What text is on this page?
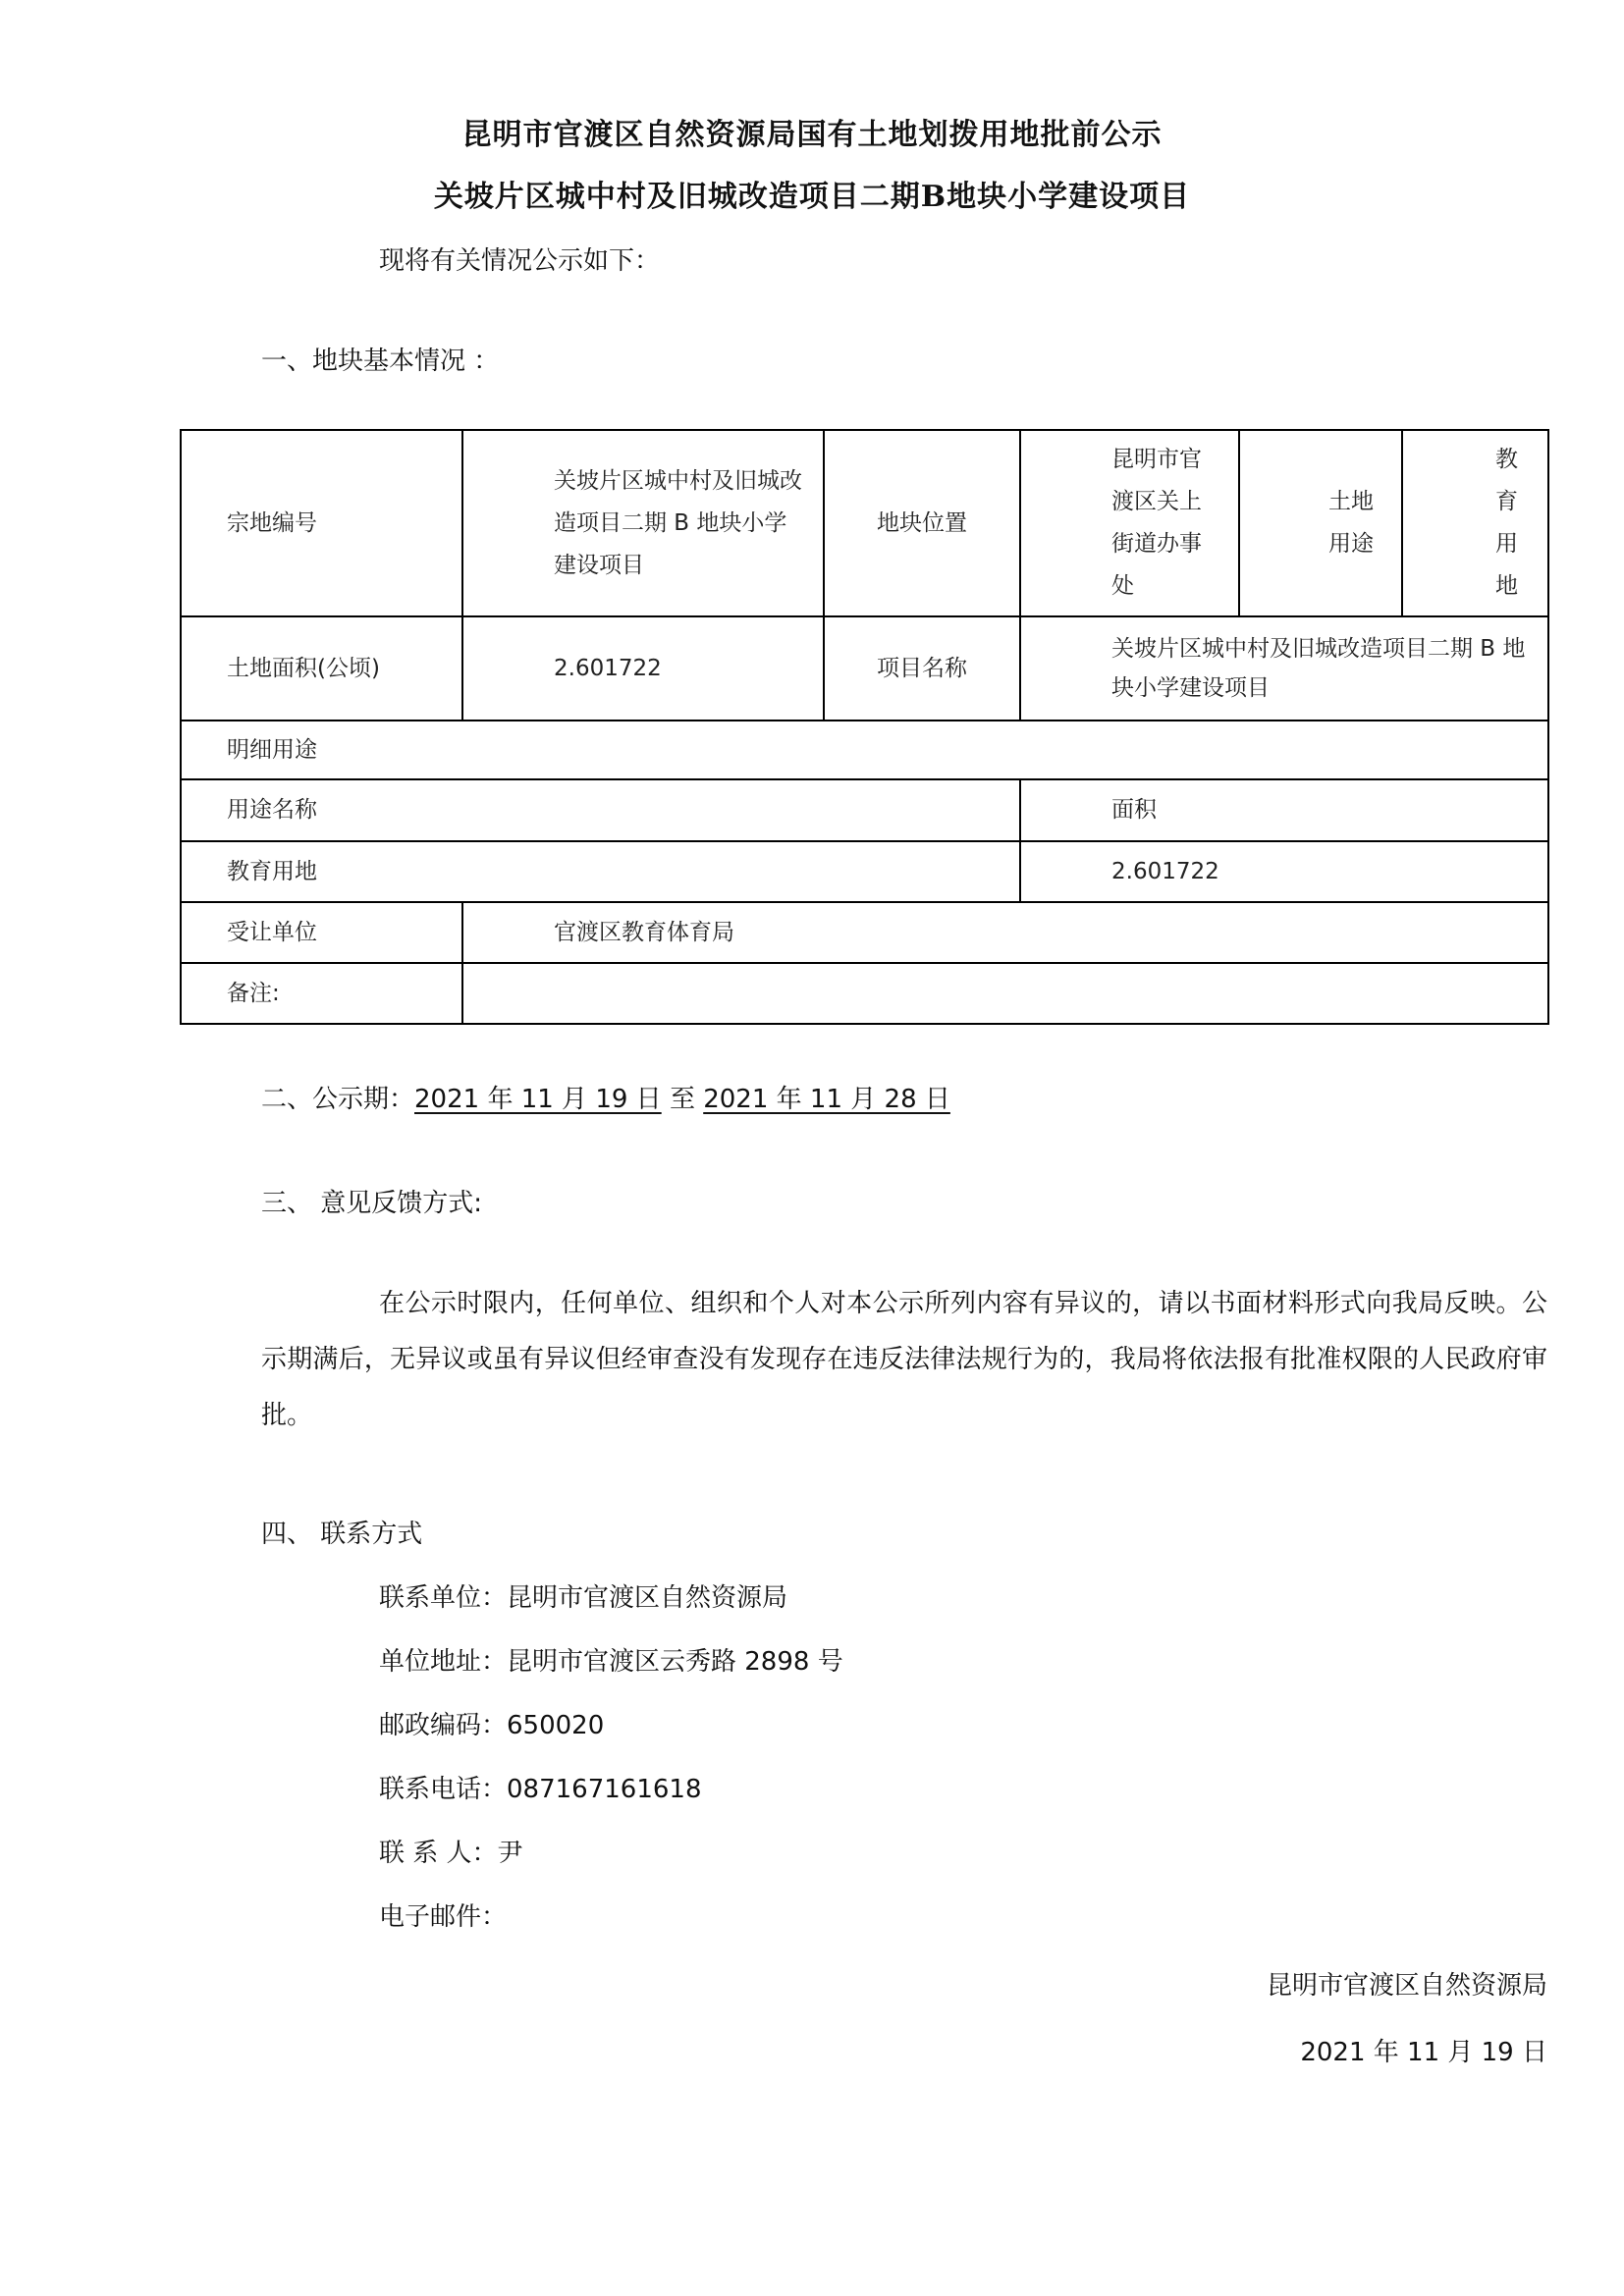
昆明市官渡区自然资源局国有土地划拨用地批前公示
关坡片区城中村及旧城改造项目二期B地块小学建设项目
现将有关情况公示如下：
一、地块基本情况 ：
宗地编号	关坡片区城中村及旧城改造项目二期 B 地块小学建设项目	地块位置	昆明市官渡区关上街道办事处	土地用途	教育用地
土地面积(公顷)	2.601722	项目名称	关坡片区城中村及旧城改造项目二期 B 地块小学建设项目		
明细用途					
用途名称			面积		
教育用地			2.601722		
受让单位	官渡区教育体育局				
备注:					
二、公示期：2021 年 11 月 19 日 至 2021 年 11 月 28 日
三、 意见反馈方式:
在公示时限内，任何单位、组织和个人对本公示所列内容有异议的，请以书面材料形式向我局反映。公示期满后，无异议或虽有异议但经审查没有发现存在违反法律法规行为的，我局将依法报有批准权限的人民政府审批。
四、 联系方式
联系单位：昆明市官渡区自然资源局
单位地址：昆明市官渡区云秀路 2898 号
邮政编码：650020
联系电话：087167161618
联 系 人：尹
电子邮件：
昆明市官渡区自然资源局
2021 年 11 月 19 日
